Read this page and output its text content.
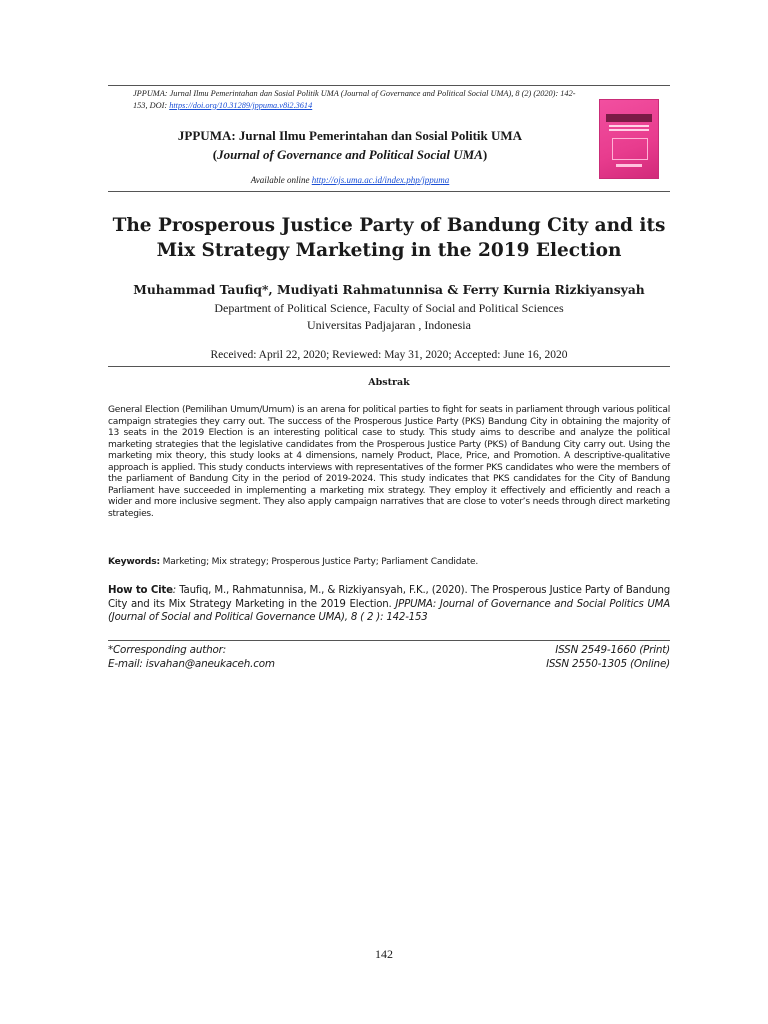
JPPUMA: Jurnal Ilmu Pemerintahan dan Sosial Politik UMA (Journal of Governance and Political Social UMA), 8 (2) (2020): 142-153, DOI: https://doi.org/10.31289/jppuma.v8i2.3614
JPPUMA: Jurnal Ilmu Pemerintahan dan Sosial Politik UMA
(Journal of Governance and Political Social UMA)
Available online http://ojs.uma.ac.id/index.php/jppuma
The Prosperous Justice Party of Bandung City and its Mix Strategy Marketing in the 2019 Election
Muhammad Taufiq*, Mudiyati Rahmatunnisa & Ferry Kurnia Rizkiyansyah
Department of Political Science, Faculty of Social and Political Sciences
Universitas Padjajaran , Indonesia
Received: April 22, 2020; Reviewed: May 31, 2020; Accepted: June 16, 2020
Abstrak
General Election (Pemilihan Umum/Umum) is an arena for political parties to fight for seats in parliament through various political campaign strategies they carry out. The success of the Prosperous Justice Party (PKS) Bandung City in obtaining the majority of 13 seats in the 2019 Election is an interesting political case to study. This study aims to describe and analyze the political marketing strategies that the legislative candidates from the Prosperous Justice Party (PKS) of Bandung City carry out. Using the marketing mix theory, this study looks at 4 dimensions, namely Product, Place, Price, and Promotion. A descriptive-qualitative approach is applied. This study conducts interviews with representatives of the former PKS candidates who were the members of the parliament of Bandung City in the period of 2019-2024. This study indicates that PKS candidates for the City of Bandung Parliament have succeeded in implementing a marketing mix strategy. They employ it effectively and efficiently and reach a wider and more inclusive segment. They also apply campaign narratives that are close to voter’s needs through direct marketing strategies.
Keywords: Marketing; Mix strategy; Prosperous Justice Party; Parliament Candidate.
How to Cite: Taufiq, M., Rahmatunnisa, M., & Rizkiyansyah, F.K., (2020). The Prosperous Justice Party of Bandung City and its Mix Strategy Marketing in the 2019 Election. JPPUMA: Journal of Governance and Social Politics UMA (Journal of Social and Political Governance UMA), 8 ( 2 ): 142-153
*Corresponding author:
E-mail: isvahan@aneukaceh.com
ISSN 2549-1660 (Print)
ISSN 2550-1305 (Online)
142
